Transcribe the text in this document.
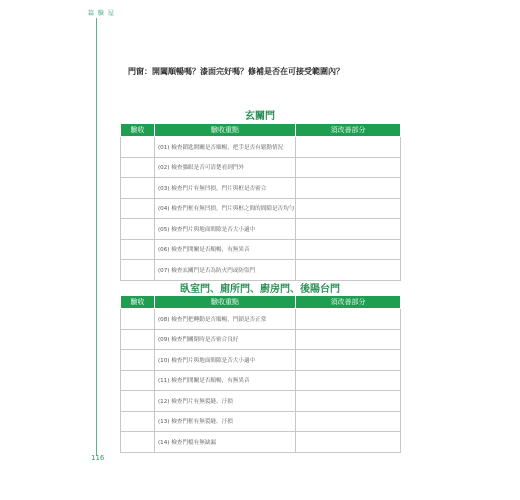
篇 驗 屋
116
門窗：開闔順暢嗎？漆面完好嗎？修補是否在可接受範圍內？
玄關門
驗收	驗收重點	須改善部分
	(01) 檢查鎖匙開關是否順暢，把手是否有鬆動情況	
	(02) 檢查貓眼是否可清楚看到門外	
	(03) 檢查門片有無凹損，門片與框是否密合	
	(04) 檢查門框有無凹損，門片與框之間的間隙是否均勻	
	(05) 檢查門片與地面間隙是否大小適中	
	(06) 檢查門開關是否順暢，有無異音	
	(07) 檢查玄關門是否為防火門或防盜門	
臥室門、廁所門、廚房門、後陽台門
驗收	驗收重點	須改善部分
	(08) 檢查門把轉動是否順暢，門鎖是否正常	
	(09) 檢查門關閉時是否密合良好	
	(10) 檢查門片與地面間隙是否大小適中	
	(11) 檢查門開關是否順暢，有無異音	
	(12) 檢查門片有無裂縫、汙損	
	(13) 檢查門框有無裂縫、汙損	
	(14) 檢查門檔有無缺漏	
